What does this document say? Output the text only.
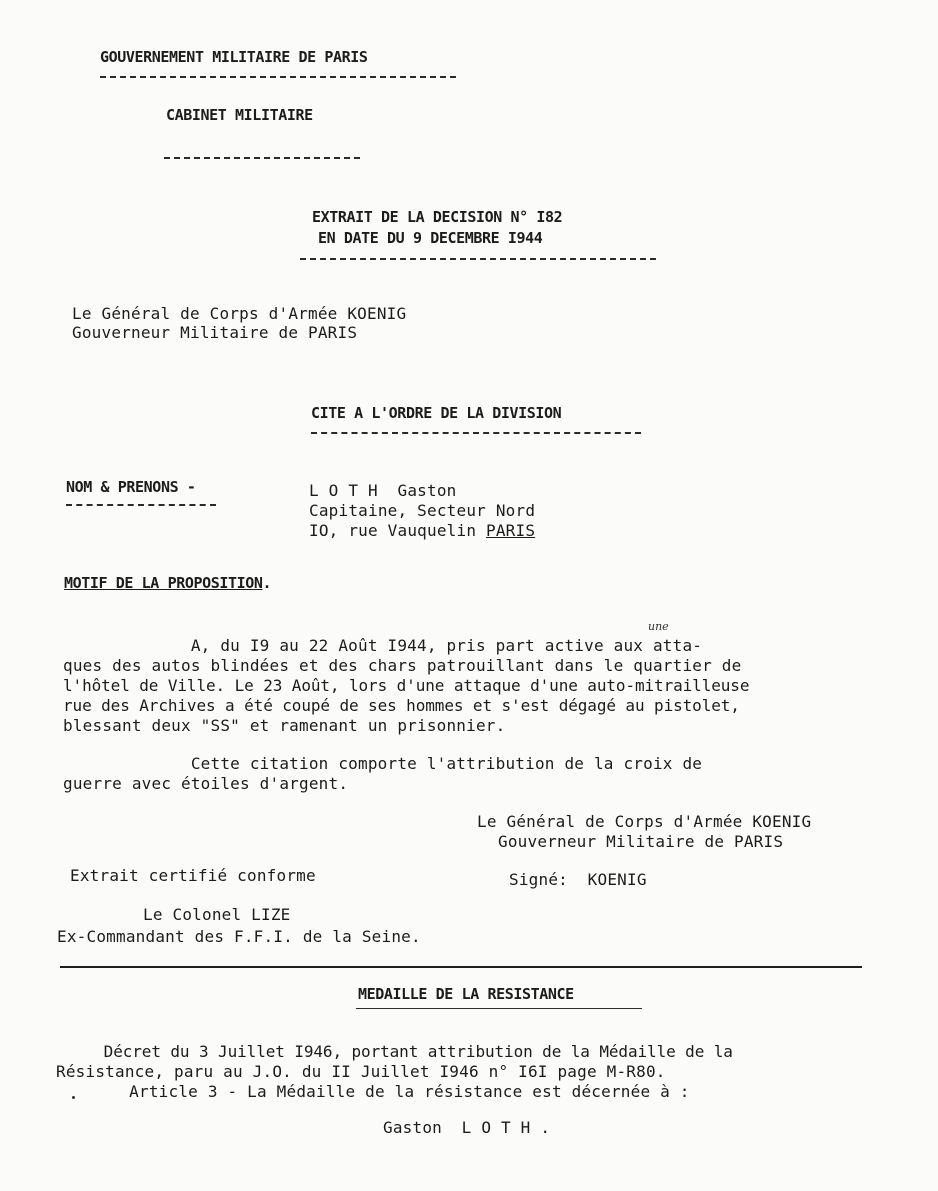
GOUVERNEMENT MILITAIRE DE PARIS

CABINET MILITAIRE

EXTRAIT DE LA DECISION N° I82

EN DATE DU 9 DECEMBRE I944

Le Général de Corps d'Armée KOENIG

Gouverneur Militaire de PARIS

CITE A L'ORDRE DE LA DIVISION

NOM & PRENONS -	L O T H  Gaston

Capitaine, Secteur Nord

IO, rue Vauquelin PARIS

MOTIF DE LA PROPOSITION.

une

A, du I9 au 22 Août I944, pris part active aux atta-

ques des autos blindées et des chars patrouillant dans le quartier de

l'hôtel de Ville. Le 23 Août, lors d'une attaque d'une auto-mitrailleuse

rue des Archives a été coupé de ses hommes et s'est dégagé au pistolet,

blessant deux "SS" et ramenant un prisonnier.

Cette citation comporte l'attribution de la croix de

guerre avec étoiles d'argent.

Le Général de Corps d'Armée KOENIG

Gouverneur Militaire de PARIS

Signé:  KOENIG

Extrait certifié conforme

Le Colonel LIZE

Ex-Commandant des F.F.I. de la Seine.

MEDAILLE DE LA RESISTANCE

Décret du 3 Juillet I946, portant attribution de la Médaille de la

Résistance, paru au J.O. du II Juillet I946 n° I6I page M-R80.

Article 3 - La Médaille de la résistance est décernée à :

Gaston  L O T H .
